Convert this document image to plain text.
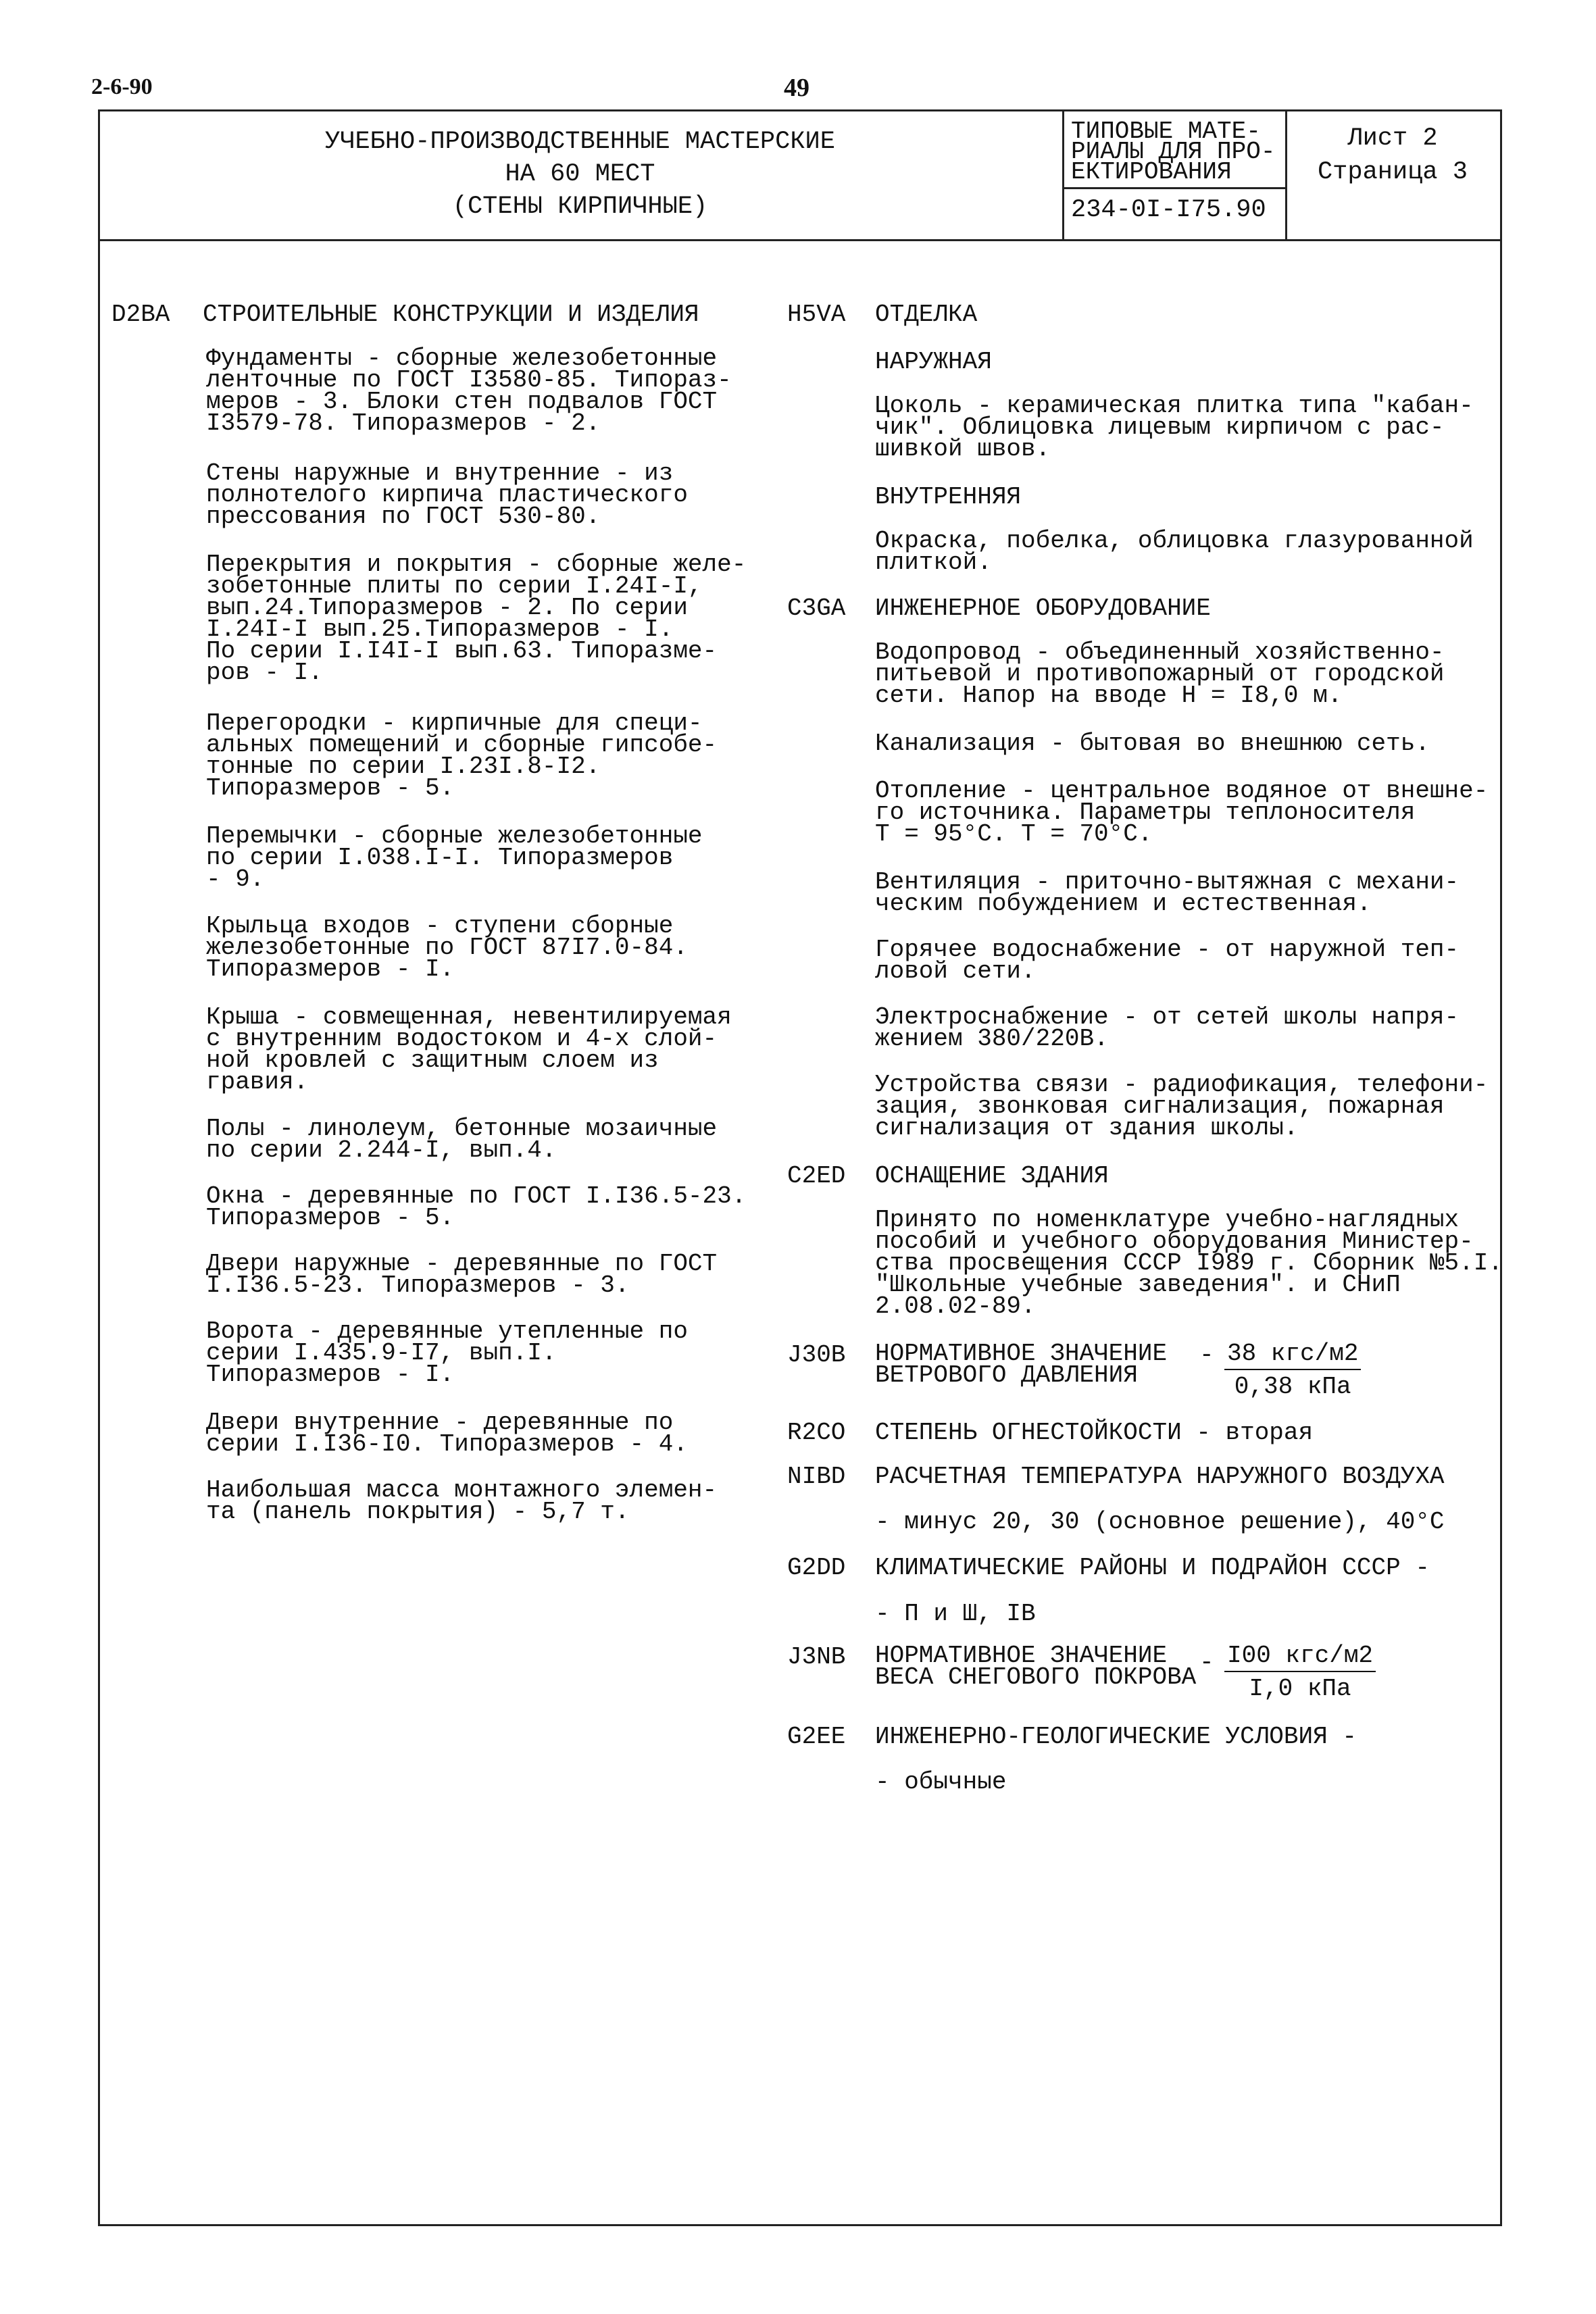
2-6-90	49
УЧЕБНО-ПРОИЗВОДСТВЕННЫЕ МАСТЕРСКИЕ
НА 60 МЕСТ
(СТЕНЫ КИРПИЧНЫЕ)
ТИПОВЫЕ МАТЕ-
РИАЛЫ ДЛЯ ПРО-
ЕКТИРОВАНИЯ
234-0I-I75.90
Лист 2
Страница 3
D2BA СТРОИТЕЛЬНЫЕ КОНСТРУКЦИИ И ИЗДЕЛИЯ
Фундаменты - сборные железобетонные
ленточные по ГОСТ I3580-85. Типораз-
меров - 3. Блоки стен подвалов ГОСТ
I3579-78. Типоразмеров - 2.
Стены наружные и внутренние - из
полнотелого кирпича пластического
прессования по ГОСТ 530-80.
Перекрытия и покрытия - сборные желе-
зобетонные плиты по серии I.24I-I,
вып.24.Типоразмеров - 2. По серии
I.24I-I вып.25.Типоразмеров - I.
По серии I.I4I-I вып.63. Типоразме-
ров - I.
Перегородки - кирпичные для специ-
альных помещений и сборные гипсобе-
тонные по серии I.23I.8-I2.
Типоразмеров - 5.
Перемычки - сборные железобетонные
по серии I.038.I-I. Типоразмеров
- 9.
Крыльца входов - ступени сборные
железобетонные по ГОСТ 87I7.0-84.
Типоразмеров - I.
Крыша - совмещенная, невентилируемая
с внутренним водостоком и 4-х слой-
ной кровлей с защитным слоем из
гравия.
Полы - линолеум, бетонные мозаичные
по серии 2.244-I, вып.4.
Окна - деревянные по ГОСТ I.I36.5-23.
Типоразмеров - 5.
Двери наружные - деревянные по ГОСТ
I.I36.5-23. Типоразмеров - 3.
Ворота - деревянные утепленные по
серии I.435.9-I7, вып.I.
Типоразмеров - I.
Двери внутренние - деревянные по
серии I.I36-I0. Типоразмеров - 4.
Наибольшая масса монтажного элемен-
та (панель покрытия) - 5,7 т.
H5VA ОТДЕЛКА
НАРУЖНАЯ
Цоколь - керамическая плитка типа "кабан-
чик". Облицовка лицевым кирпичом с рас-
шивкой швов.
ВНУТРЕННЯЯ
Окраска, побелка, облицовка глазурованной
плиткой.
C3GA ИНЖЕНЕРНОЕ ОБОРУДОВАНИЕ
Водопровод - объединенный хозяйственно-
питьевой и противопожарный от городской
сети. Напор на вводе Н = I8,0 м.
Канализация - бытовая во внешнюю сеть.
Отопление - центральное водяное от внешне-
го источника. Параметры теплоносителя
Т = 95°С. Т = 70°С.
Вентиляция - приточно-вытяжная с механи-
ческим побуждением и естественная.
Горячее водоснабжение - от наружной теп-
ловой сети.
Электроснабжение - от сетей школы напря-
жением 380/220В.
Устройства связи - радиофикация, телефони-
зация, звонковая сигнализация, пожарная
сигнализация от здания школы.
C2ED ОСНАЩЕНИЕ ЗДАНИЯ
Принято по номенклатуре учебно-наглядных
пособий и учебного оборудования Министер-
ства просвещения СССР I989 г. Сборник №5.I.
"Школьные учебные заведения". и СНиП
2.08.02-89.
J30B НОРМАТИВНОЕ ЗНАЧЕНИЕ
ВЕТРОВОГО ДАВЛЕНИЯ
- 38 кгс/м2
0,38 кПа
R2CO СТЕПЕНЬ ОГНЕСТОЙКОСТИ - вторая
NIBD РАСЧЕТНАЯ ТЕМПЕРАТУРА НАРУЖНОГО ВОЗДУХА
- минус 20, 30 (основное решение), 40°С
G2DD КЛИМАТИЧЕСКИЕ РАЙОНЫ И ПОДРАЙОН СССР -
- П и Ш, IВ
J3NB НОРМАТИВНОЕ ЗНАЧЕНИЕ
ВЕСА СНЕГОВОГО ПОКРОВА
- I00 кгс/м2
I,0 кПа
G2EE ИНЖЕНЕРНО-ГЕОЛОГИЧЕСКИЕ УСЛОВИЯ -
- обычные
